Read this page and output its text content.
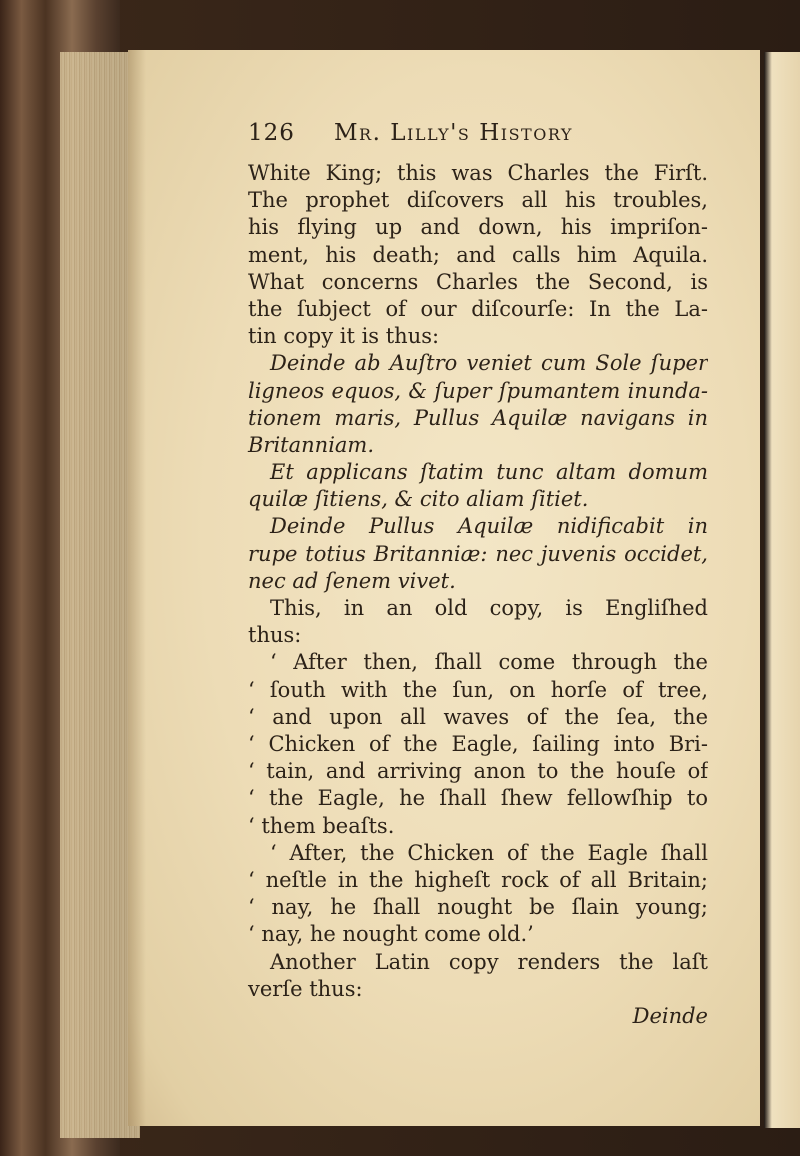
126 Mr. Lilly's History
White King; this was Charles the Firſt.
The prophet diſcovers all his troubles,
his flying up and down, his impriſon-
ment, his death; and calls him Aquila.
What concerns Charles the Second, is
the ſubject of our diſcourſe: In the La-
tin copy it is thus:
Deinde ab Auſtro veniet cum Sole ſuper
ligneos equos, & ſuper ſpumantem inunda-
tionem maris, Pullus Aquilæ navigans in
Britanniam.
Et applicans ſtatim tunc altam domum
quilæ ſitiens, & cito aliam ſitiet.
Deinde Pullus Aquilæ nidificabit in
rupe totius Britanniæ: nec juvenis occidet,
nec ad ſenem vivet.
This, in an old copy, is Engliſhed
thus:
‘ After then, ſhall come through the
‘ ſouth with the ſun, on horſe of tree,
‘ and upon all waves of the ſea, the
‘ Chicken of the Eagle, ſailing into Bri-
‘ tain, and arriving anon to the houſe of
‘ the Eagle, he ſhall ſhew fellowſhip to
‘ them beaſts.
‘ After, the Chicken of the Eagle ſhall
‘ neſtle in the higheſt rock of all Britain;
‘ nay, he ſhall nought be ſlain young;
‘ nay, he nought come old.’
Another Latin copy renders the laſt
verſe thus:
Deinde
